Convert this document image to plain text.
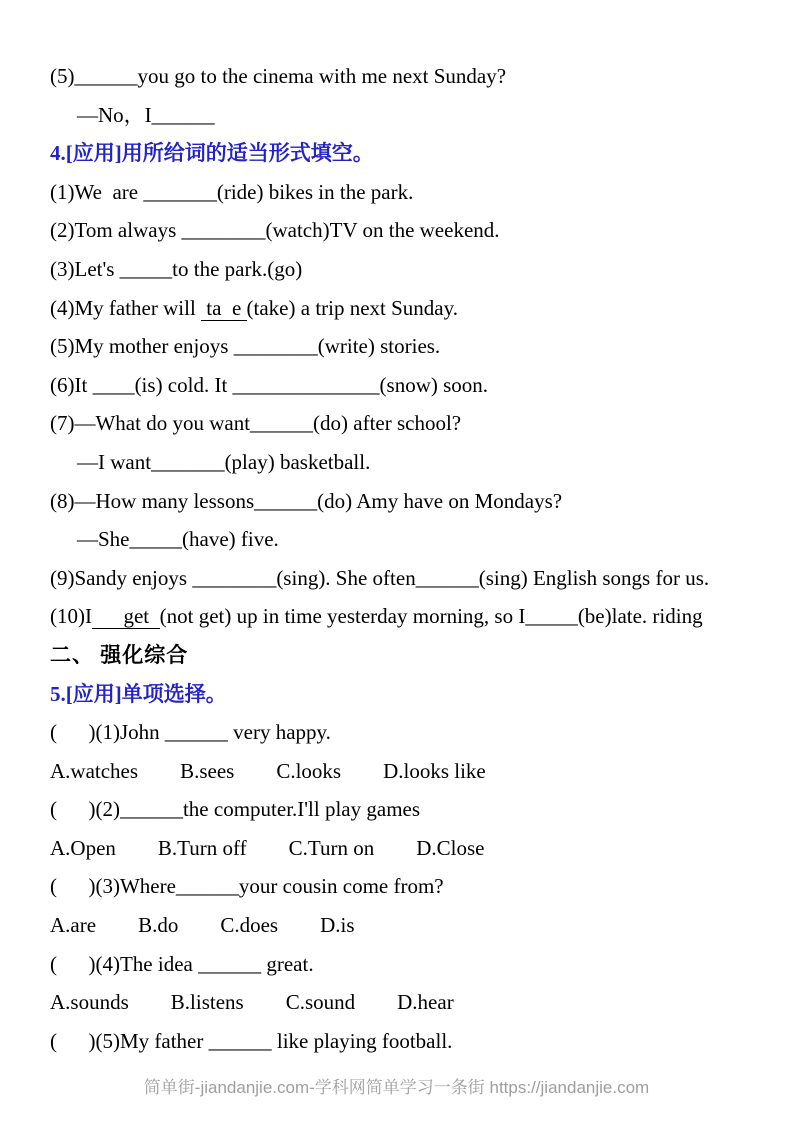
(5)______you go to the cinema with me next Sunday?
—No，I______
4.[应用]用所给词的适当形式填空。
(1)We  are _______(ride) bikes in the park.
(2)Tom always ________(watch)TV on the weekend.
(3)Let's _____to the park.(go)
(4)My father will  ta  e (take) a trip next Sunday.
(5)My mother enjoys ________(write) stories.
(6)It ____(is) cold. It ______________(snow) soon.
(7)—What do you want______(do) after school?
—I want_______(play) basketball.
(8)—How many lessons______(do) Amy have on Mondays?
—She_____(have) five.
(9)Sandy enjoys ________(sing). She often______(sing) English songs for us.
(10)I      get  (not get) up in time yesterday morning, so I_____(be)late. riding
二、 强化综合
5.[应用]单项选择。
(      )(1)John ______ very happy.
A.watches B.sees C.looks D.looks like
(      )(2)______the computer.I'll play games
A.Open B.Turn off C.Turn on D.Close
(      )(3)Where______your cousin come from?
A.are B.do C.does D.is
(      )(4)The idea ______ great.
A.sounds B.listens C.sound D.hear
(      )(5)My father ______ like playing football.
简单街-jiandanjie.com-学科网简单学习一条街 https://jiandanjie.com
